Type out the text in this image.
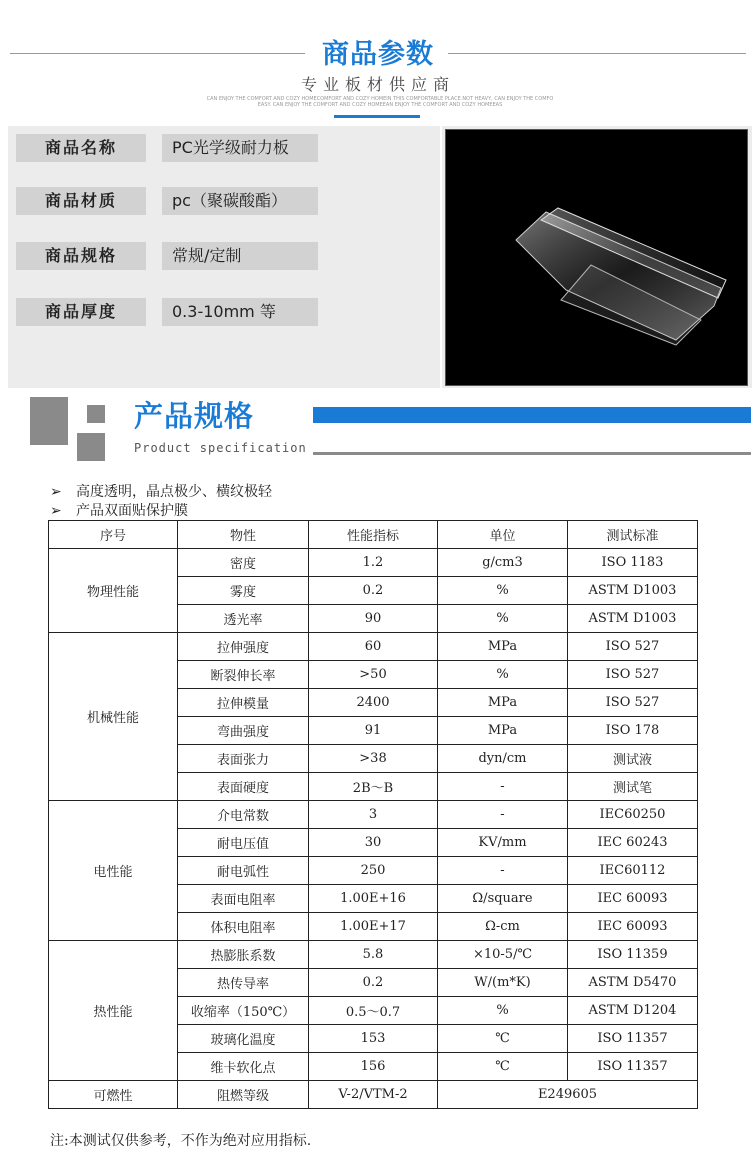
商品参数
专业板材供应商
CAN ENJOY THE COMFORT AND COZY HOMECOMFORT AND COZY HOMEIN THIS COMFORTABLE PLACE.NOT HEAVY, CAN ENJOY THE COMFO
EASY. CAN ENJOY THE COMFORT AND COZY HOMEEAN ENJOY THE COMFORT AND COZY HOMEEAS
商品名称	PC光学级耐力板
商品材质	pc（聚碳酸酯）
商品规格	常规/定制
商品厚度	0.3-10mm 等
产品规格
Product specification
➢ 高度透明，晶点极少、横纹极轻
➢ 产品双面贴保护膜
序号	物性	性能指标	单位	测试标准
物理性能	密度	1.2	g/cm3	ISO 1183
	雾度	0.2	%	ASTM D1003
	透光率	90	%	ASTM D1003
机械性能	拉伸强度	60	MPa	ISO 527
	断裂伸长率	>50	%	ISO 527
	拉伸模量	2400	MPa	ISO 527
	弯曲强度	91	MPa	ISO 178
	表面张力	>38	dyn/cm	测试液
	表面硬度	2B～B	-	测试笔
电性能	介电常数	3	-	IEC60250
	耐电压值	30	KV/mm	IEC 60243
	耐电弧性	250	-	IEC60112
	表面电阻率	1.00E+16	Ω/square	IEC 60093
	体积电阻率	1.00E+17	Ω-cm	IEC 60093
热性能	热膨胀系数	5.8	×10-5/℃	ISO 11359
	热传导率	0.2	W/(m*K)	ASTM D5470
	收缩率（150℃）	0.5～0.7	%	ASTM D1204
	玻璃化温度	153	℃	ISO 11357
	维卡软化点	156	℃	ISO 11357
可燃性	阻燃等级	V-2/VTM-2	E249605	
注:本测试仅供参考，不作为绝对应用指标.
